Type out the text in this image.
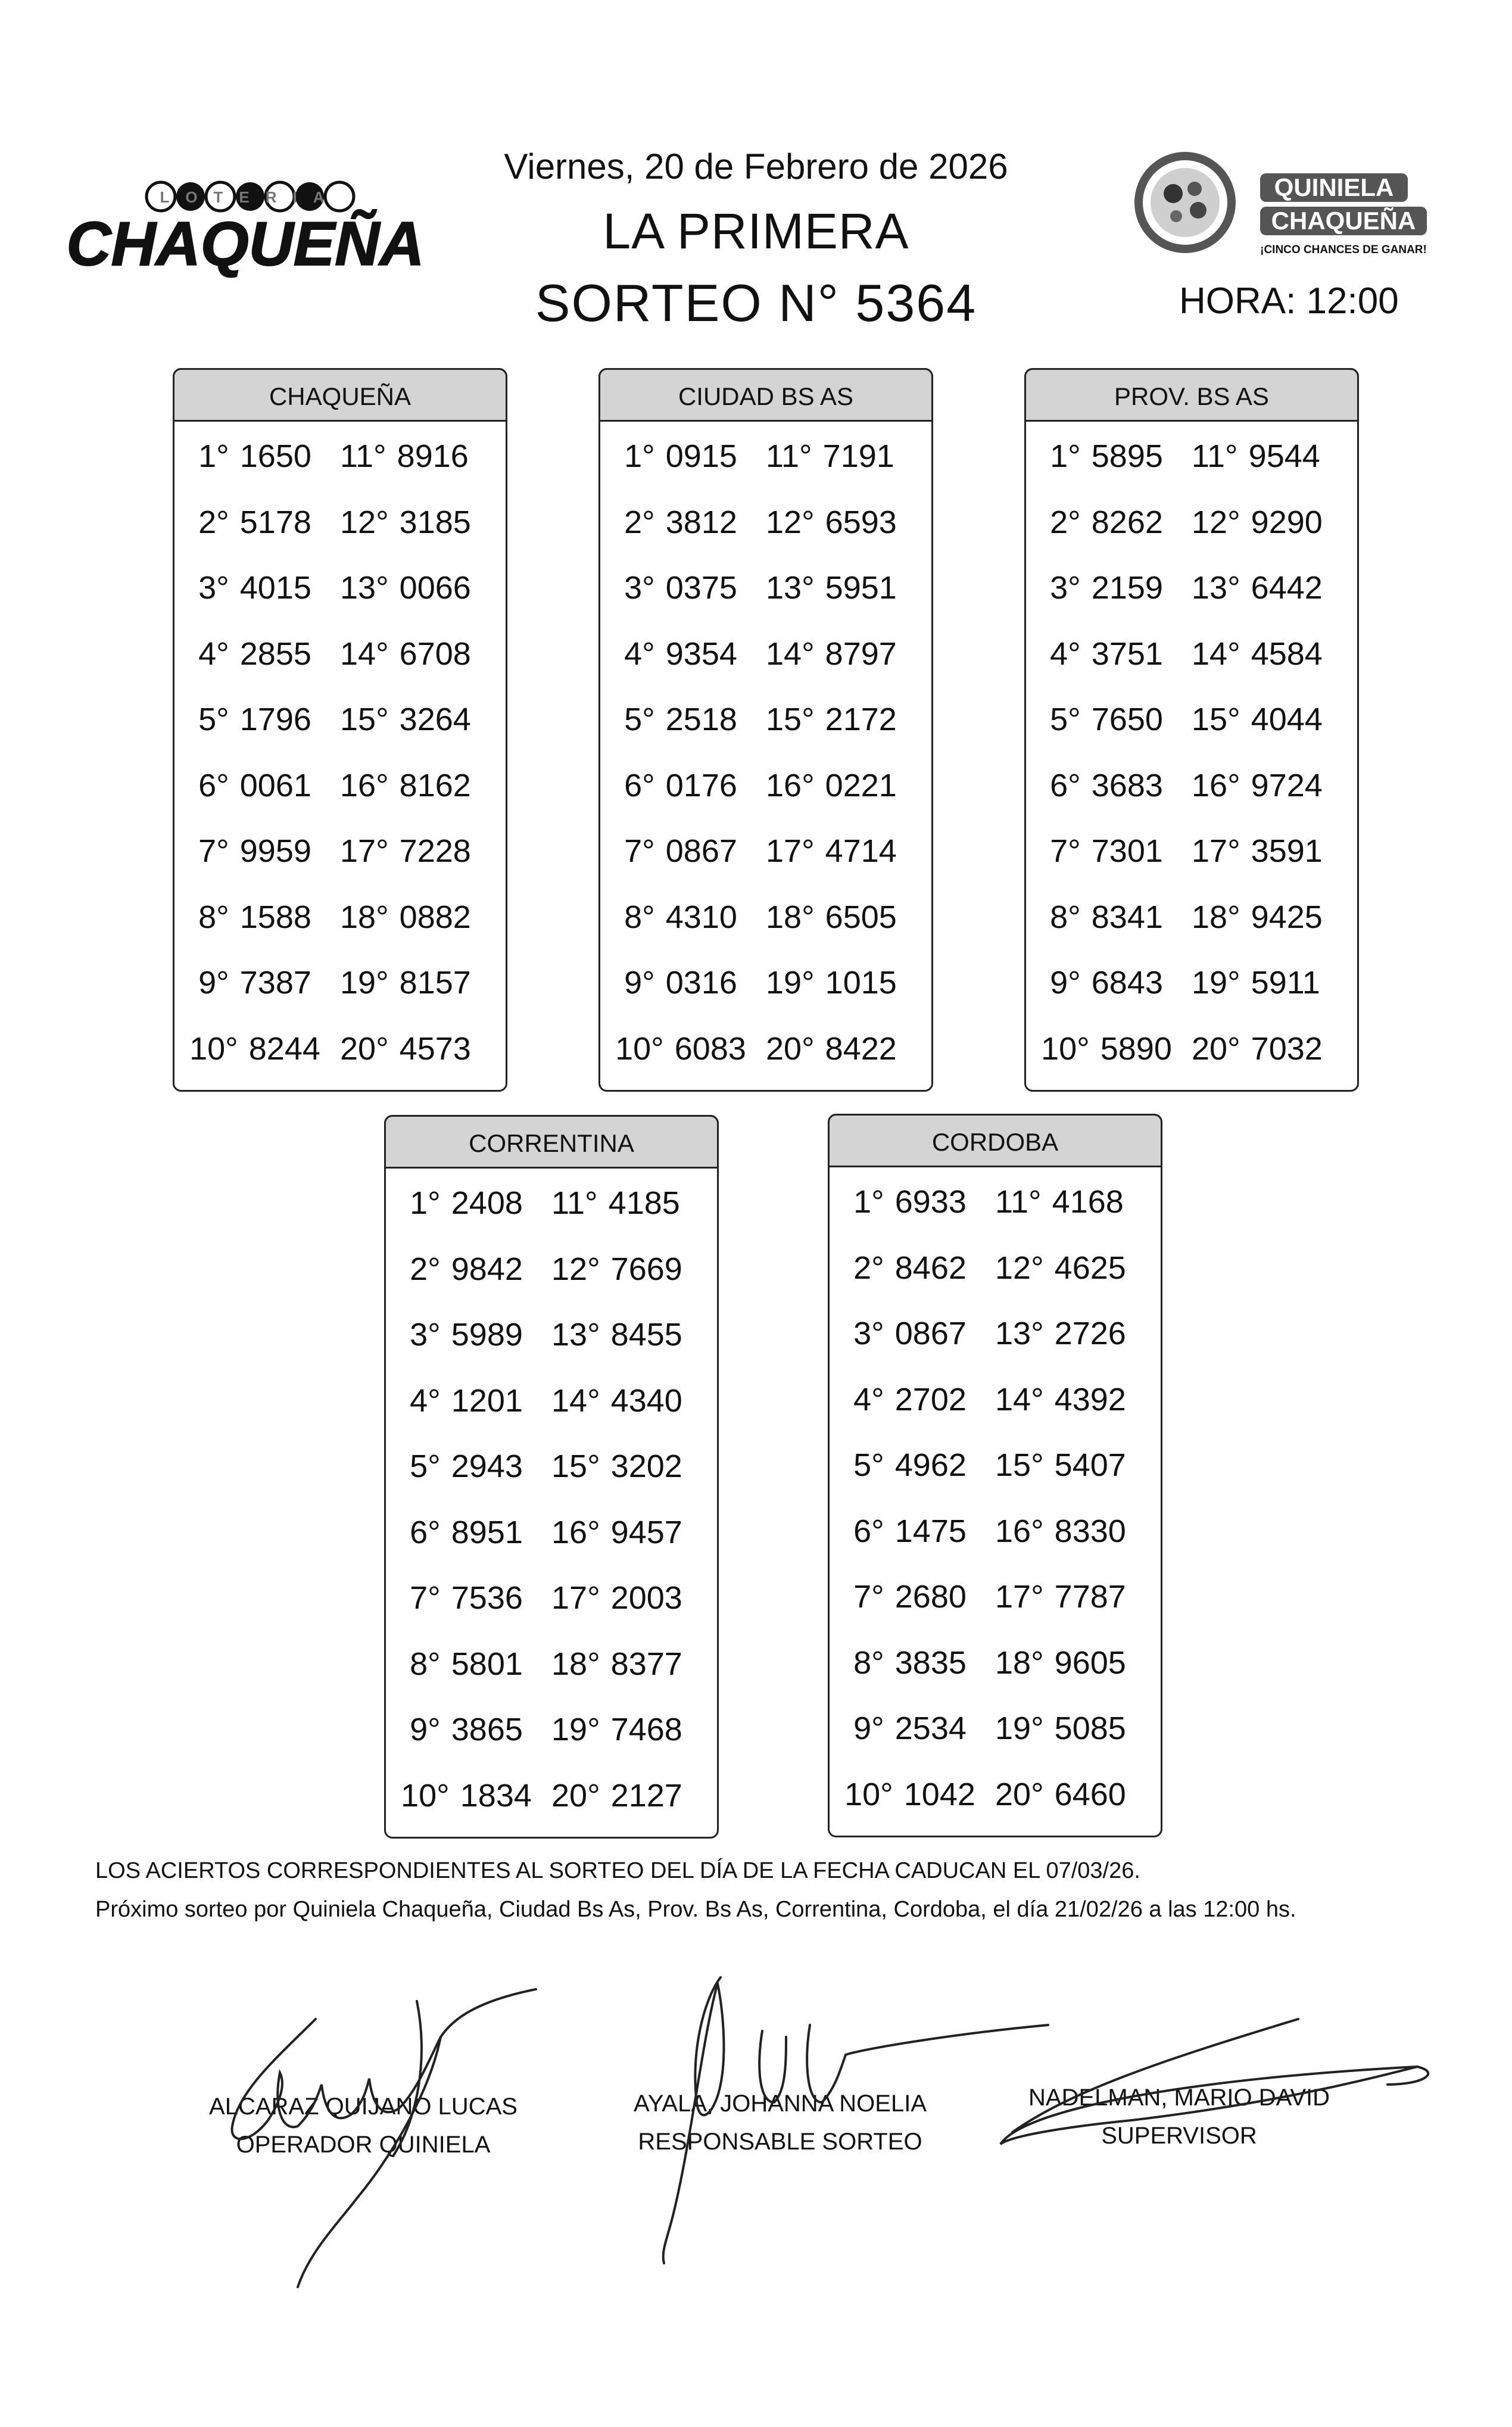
LOTERIA
CHAQUEÑA
QUINIELA
CHAQUEÑA
¡CINCO CHANCES DE GANAR!
Viernes, 20 de Febrero de 2026
LA PRIMERA
SORTEO N° 5364	HORA: 12:00
CHAQUEÑA
1° 1650 11° 8916
2° 5178 12° 3185
3° 4015 13° 0066
4° 2855 14° 6708
5° 1796 15° 3264
6° 0061 16° 8162
7° 9959 17° 7228
8° 1588 18° 0882
9° 7387 19° 8157
10° 8244 20° 4573
CIUDAD BS AS
1° 0915 11° 7191
2° 3812 12° 6593
3° 0375 13° 5951
4° 9354 14° 8797
5° 2518 15° 2172
6° 0176 16° 0221
7° 0867 17° 4714
8° 4310 18° 6505
9° 0316 19° 1015
10° 6083 20° 8422
PROV. BS AS
1° 5895 11° 9544
2° 8262 12° 9290
3° 2159 13° 6442
4° 3751 14° 4584
5° 7650 15° 4044
6° 3683 16° 9724
7° 7301 17° 3591
8° 8341 18° 9425
9° 6843 19° 5911
10° 5890 20° 7032
CORRENTINA
1° 2408 11° 4185
2° 9842 12° 7669
3° 5989 13° 8455
4° 1201 14° 4340
5° 2943 15° 3202
6° 8951 16° 9457
7° 7536 17° 2003
8° 5801 18° 8377
9° 3865 19° 7468
10° 1834 20° 2127
CORDOBA
1° 6933 11° 4168
2° 8462 12° 4625
3° 0867 13° 2726
4° 2702 14° 4392
5° 4962 15° 5407
6° 1475 16° 8330
7° 2680 17° 7787
8° 3835 18° 9605
9° 2534 19° 5085
10° 1042 20° 6460
LOS ACIERTOS CORRESPONDIENTES AL SORTEO DEL DÍA DE LA FECHA CADUCAN EL 07/03/26.
Próximo sorteo por Quiniela Chaqueña, Ciudad Bs As, Prov. Bs As, Correntina, Cordoba, el día 21/02/26 a las 12:00 hs.
ALCARAZ QUIJANO LUCAS
OPERADOR QUINIELA
AYALA, JOHANNA NOELIA
RESPONSABLE SORTEO
NADELMAN, MARIO DAVID
SUPERVISOR
